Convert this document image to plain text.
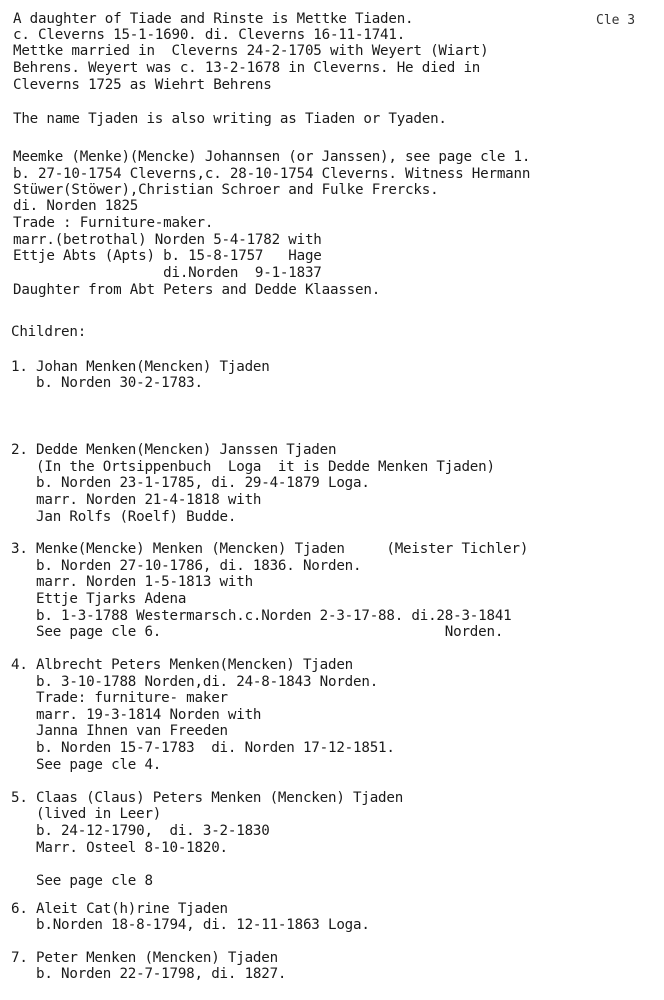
Cle 3
A daughter of Tiade and Rinste is Mettke Tiaden.
c. Cleverns 15-1-1690. di. Cleverns 16-11-1741.
Mettke married in  Cleverns 24-2-1705 with Weyert (Wiart)
Behrens. Weyert was c. 13-2-1678 in Cleverns. He died in
Cleverns 1725 as Wiehrt Behrens
The name Tjaden is also writing as Tiaden or Tyaden.
Meemke (Menke)(Mencke) Johannsen (or Janssen), see page cle 1.
b. 27-10-1754 Cleverns,c. 28-10-1754 Cleverns. Witness Hermann
Stüwer(Stöwer),Christian Schroer and Fulke Frercks.
di. Norden 1825
Trade : Furniture-maker.
marr.(betrothal) Norden 5-4-1782 with
Ettje Abts (Apts) b. 15-8-1757   Hage
di.Norden  9-1-1837
Daughter from Abt Peters and Dedde Klaassen.
Children:
1. Johan Menken(Mencken) Tjaden
b. Norden 30-2-1783.
2. Dedde Menken(Mencken) Janssen Tjaden
(In the Ortsippenbuch  Loga  it is Dedde Menken Tjaden)
b. Norden 23-1-1785, di. 29-4-1879 Loga.
marr. Norden 21-4-1818 with
Jan Rolfs (Roelf) Budde.
3. Menke(Mencke) Menken (Mencken) Tjaden     (Meister Tichler)
b. Norden 27-10-1786, di. 1836. Norden.
marr. Norden 1-5-1813 with
Ettje Tjarks Adena
b. 1-3-1788 Westermarsch.c.Norden 2-3-17-88. di.28-3-1841
See page cle 6.                                  Norden.
4. Albrecht Peters Menken(Mencken) Tjaden
b. 3-10-1788 Norden,di. 24-8-1843 Norden.
Trade: furniture- maker
marr. 19-3-1814 Norden with
Janna Ihnen van Freeden
b. Norden 15-7-1783  di. Norden 17-12-1851.
See page cle 4.
5. Claas (Claus) Peters Menken (Mencken) Tjaden
(lived in Leer)
b. 24-12-1790,  di. 3-2-1830
Marr. Osteel 8-10-1820.
See page cle 8
6. Aleit Cat(h)rine Tjaden
b.Norden 18-8-1794, di. 12-11-1863 Loga.
7. Peter Menken (Mencken) Tjaden
b. Norden 22-7-1798, di. 1827.
